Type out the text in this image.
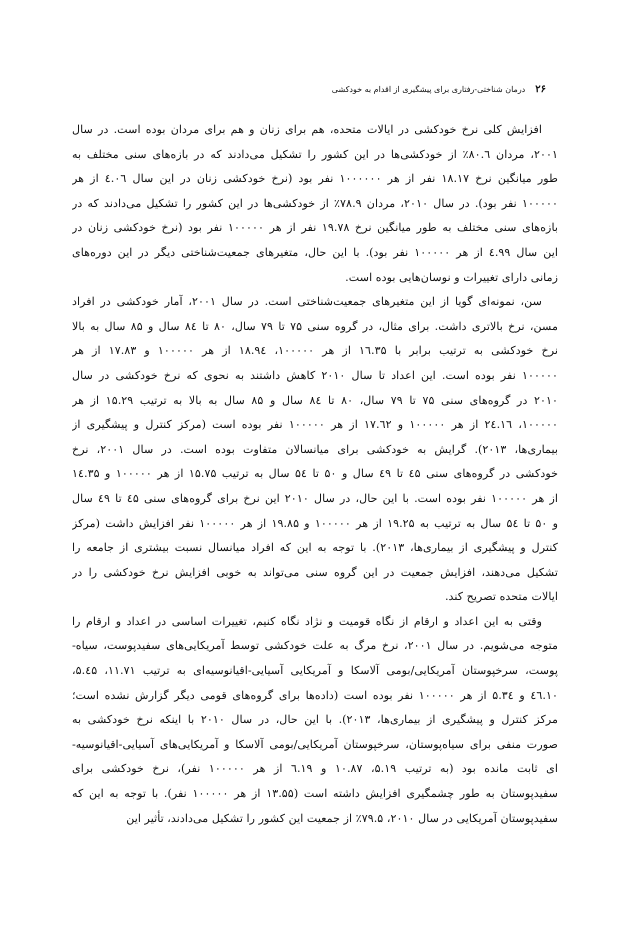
۲۶درمان شناختی-رفتاری برای پیشگیری از اقدام به خودکشی
افزایش کلی نرخ خودکشی در ایالات متحده، هم برای زنان و هم برای مردان بوده است. در سال
۲۰۰۱، مردان ۸۰.٦٪ از خودکشی‌ها در این کشور را تشکیل می‌دادند که در بازه‌های سنی مختلف به
طور میانگین نرخ ۱۸.۱۷ نفر از هر ۱۰۰۰۰۰۰ نفر بود (نرخ خودکشی زنان در این سال ٤.۰٦ از هر
۱۰۰۰۰۰ نفر بود). در سال ۲۰۱۰، مردان ۷۸.۹٪ از خودکشی‌ها در این کشور را تشکیل می‌دادند که در
بازه‌های سنی مختلف به طور میانگین نرخ ۱۹.۷۸ نفر از هر ۱۰۰۰۰۰ نفر بود (نرخ خودکشی زنان در
این سال ٤.۹۹ از هر ۱۰۰۰۰۰ نفر بود). با این حال، متغیرهای جمعیت‌شناختی دیگر در این دوره‌های
زمانی دارای تغییرات و نوسان‌هایی بوده است.
سن، نمونه‌ای گویا از این متغیرهای جمعیت‌شناختی است. در سال ۲۰۰۱، آمار خودکشی در افراد
مسن، نرخ بالاتری داشت. برای مثال، در گروه سنی ۷۵ تا ۷۹ سال، ۸۰ تا ۸٤ سال و ۸۵ سال به بالا
نرخ خودکشی به ترتیب برابر با ۱٦.۳۵ از هر ۱۰۰۰۰۰، ۱۸.۹٤ از هر ۱۰۰۰۰۰ و ۱۷.۸۳ از هر
۱۰۰۰۰۰ نفر بوده است. این اعداد تا سال ۲۰۱۰ کاهش داشتند به نحوی که نرخ خودکشی در سال
۲۰۱۰ در گروه‌های سنی ۷۵ تا ۷۹ سال، ۸۰ تا ۸٤ سال و ۸۵ سال به بالا به ترتیب ۱۵.۲۹ از هر
۱۰۰۰۰۰، ۱٦.۲٤ از هر ۱۰۰۰۰۰ و ۱۷.٦۲ از هر ۱۰۰۰۰۰ نفر بوده است (مرکز کنترل و پیشگیری از
بیماری‌ها، ۲۰۱۳). گرایش به خودکشی برای میانسالان متفاوت بوده است. در سال ۲۰۰۱، نرخ
خودکشی در گروه‌های سنی ٤۵ تا ٤۹ سال و ۵۰ تا ۵٤ سال به ترتیب ۱۵.۷۵ از هر ۱۰۰۰۰۰ و ۱٤.۳۵
از هر ۱۰۰۰۰۰ نفر بوده است. با این حال، در سال ۲۰۱۰ این نرخ برای گروه‌های سنی ٤۵ تا ٤۹ سال
و ۵۰ تا ۵٤ سال به ترتیب به ۱۹.۲۵ از هر ۱۰۰۰۰۰ و ۱۹.۸۵ از هر ۱۰۰۰۰۰ نفر افزایش داشت (مرکز
کنترل و پیشگیری از بیماری‌ها، ۲۰۱۳). با توجه به این که افراد میانسال نسبت بیشتری از جامعه را
تشکیل می‌دهند، افزایش جمعیت در این گروه سنی می‌تواند به خوبی افزایش نرخ خودکشی را در
ایالات متحده تصریح کند.
وقتی به این اعداد و ارقام از نگاه قومیت و نژاد نگاه کنیم، تغییرات اساسی در اعداد و ارقام را
متوجه می‌شویم. در سال ۲۰۰۱، نرخ مرگ به علت خودکشی توسط آمریکایی‌های سفیدپوست، سیاه-
پوست، سرخپوستان آمریکایی/بومی آلاسکا و آمریکایی آسیایی-اقیانوسیه‌ای به ترتیب ۱۱.۷۱، ۵.٤۵،
۱۰.٤٦ و ۵.۳٤ از هر ۱۰۰۰۰۰ نفر بوده است (داده‌ها برای گروه‌های قومی دیگر گزارش نشده است؛
مرکز کنترل و پیشگیری از بیماری‌ها، ۲۰۱۳). با این حال، در سال ۲۰۱۰ با اینکه نرخ خودکشی به
صورت منفی برای سیاه‌پوستان، سرخپوستان آمریکایی/بومی آلاسکا و آمریکایی‌های آسیایی-اقیانوسیه-
ای ثابت مانده بود (به ترتیب ۵.۱۹، ۱۰.۸۷ و ٦.۱۹ از هر ۱۰۰۰۰۰ نفر)، نرخ خودکشی برای
سفیدپوستان به طور چشمگیری افزایش داشته است (۱۳.۵۵ از هر ۱۰۰۰۰۰ نفر). با توجه به این که
سفیدپوستان آمریکایی در سال ۲۰۱۰، ۷۹.۵٪ از جمعیت این کشور را تشکیل می‌دادند، تأثیر این
